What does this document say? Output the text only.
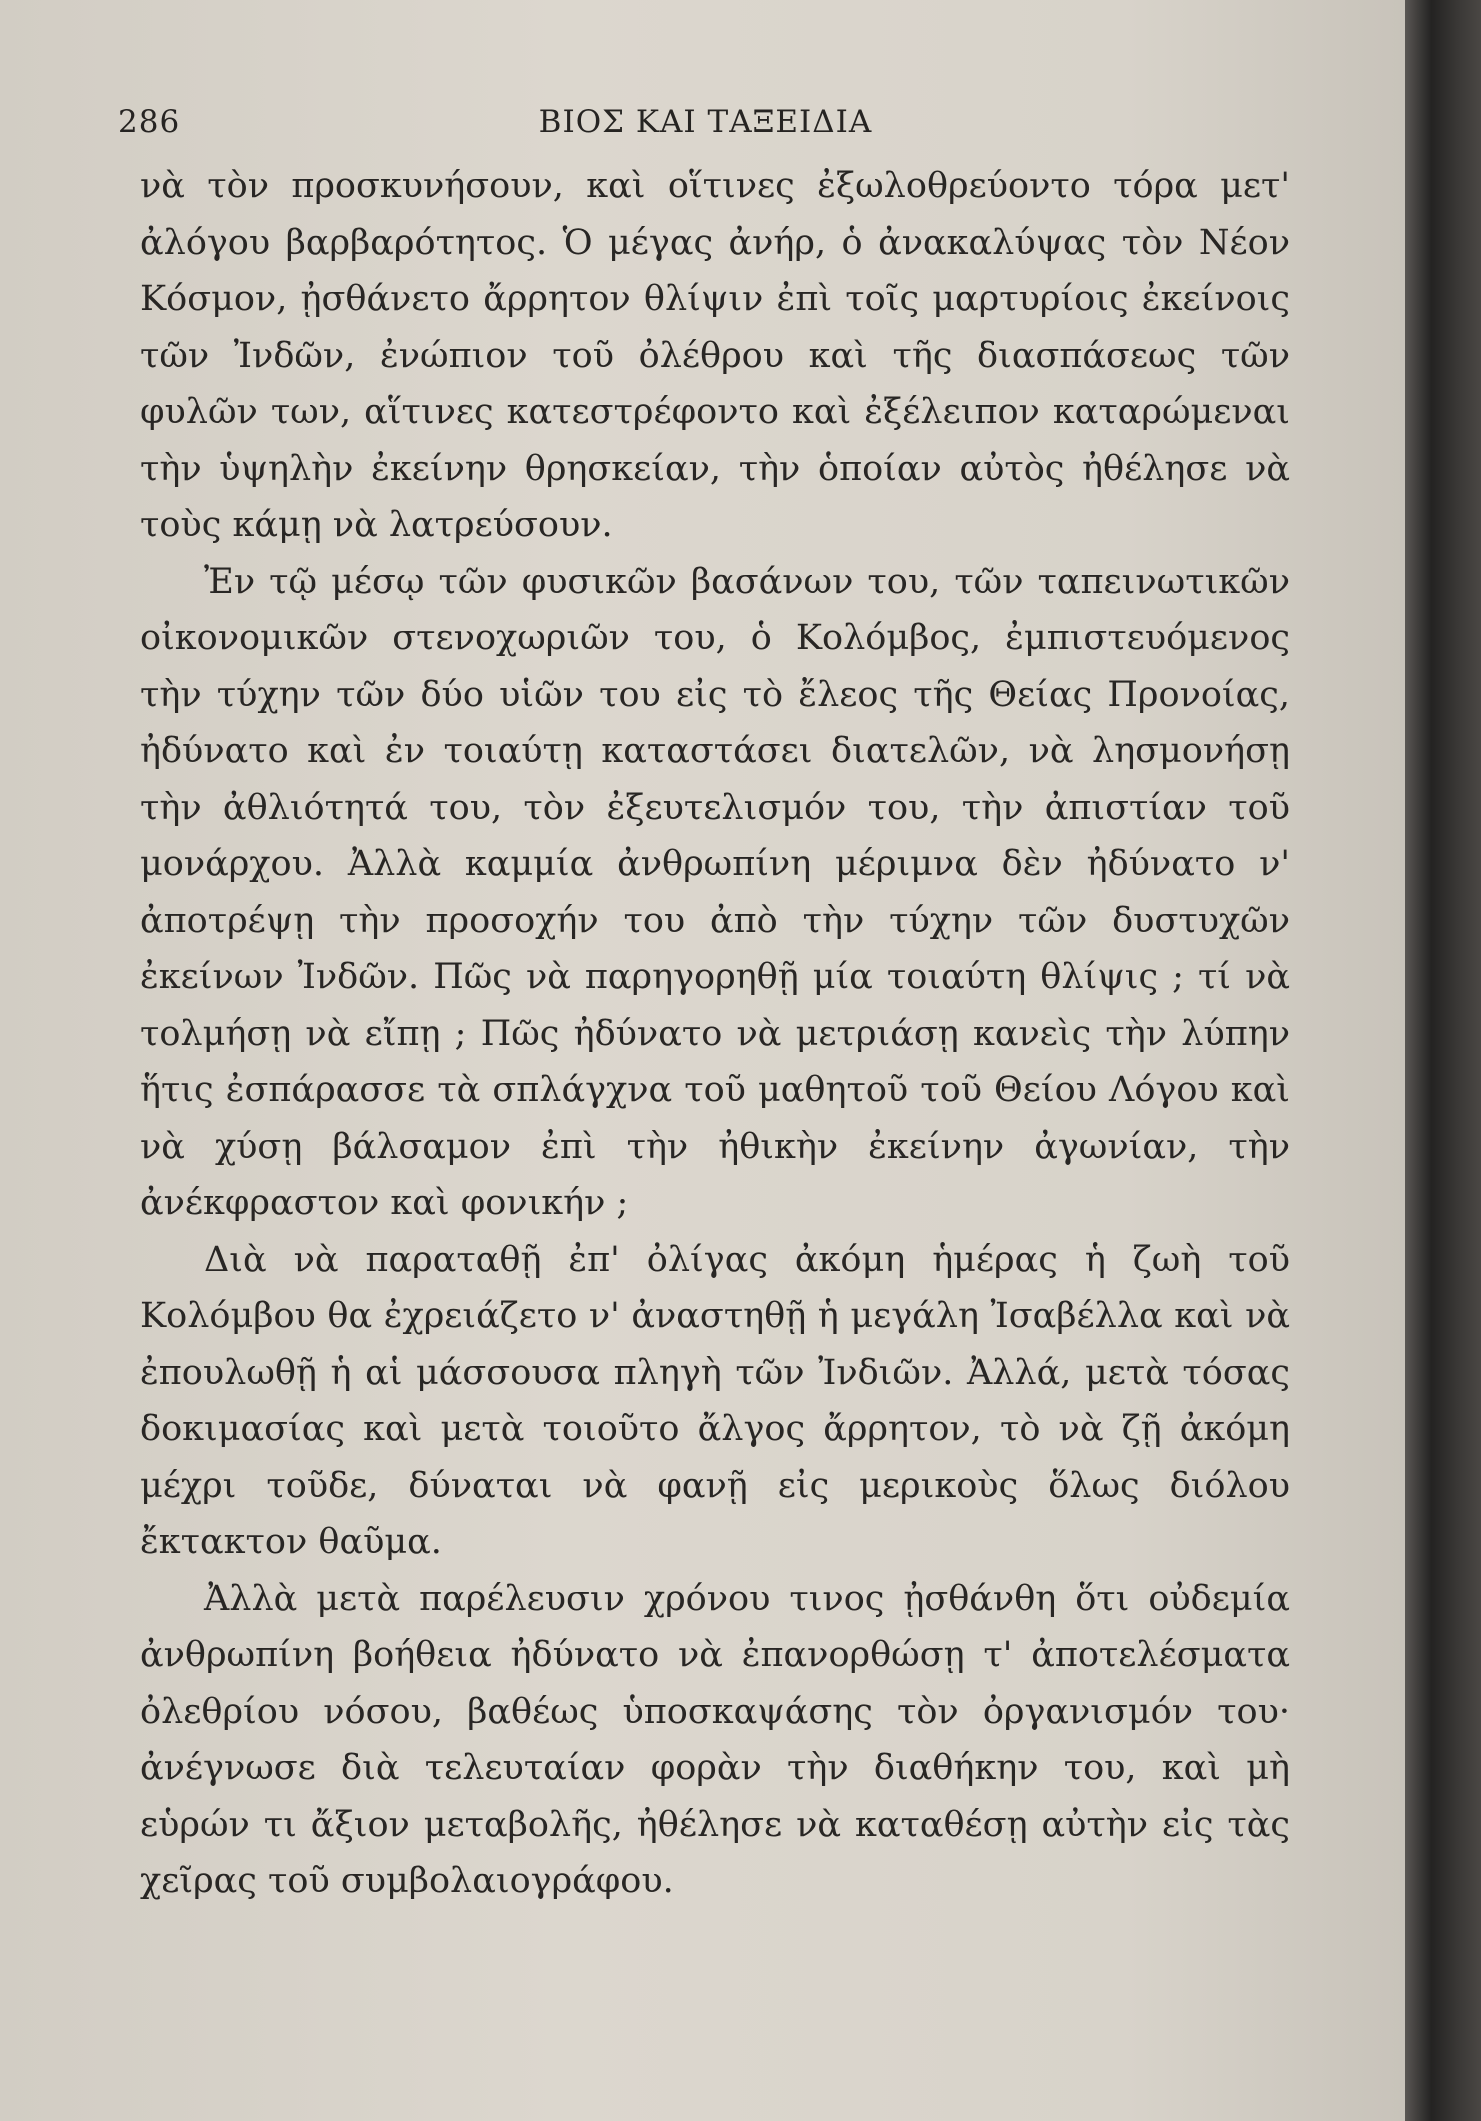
286	ΒΙΟΣ ΚΑΙ ΤΑΞΕΙΔΙΑ

νὰ τὸν προσκυνήσουν, καὶ οἵτινες ἐξωλοθρεύοντο τόρα μετ' ἀλόγου βαρβαρότητος. Ὁ μέγας ἀνήρ, ὁ ἀνακαλύψας τὸν Νέον Κόσμον, ᾐσθάνετο ἄρρητον θλίψιν ἐπὶ τοῖς μαρτυρίοις ἐκείνοις τῶν Ἰνδῶν, ἐνώπιον τοῦ ὀλέθρου καὶ τῆς διασπάσεως τῶν φυλῶν των, αἵτινες κατεστρέφοντο καὶ ἐξέλειπον καταρώμεναι τὴν ὑψηλὴν ἐκείνην θρησκείαν, τὴν ὁποίαν αὐτὸς ἠθέλησε νὰ τοὺς κάμῃ νὰ λατρεύσουν.

Ἐν τῷ μέσῳ τῶν φυσικῶν βασάνων του, τῶν ταπεινωτικῶν οἰκονομικῶν στενοχωριῶν του, ὁ Κολόμβος, ἐμπιστευόμενος τὴν τύχην τῶν δύο υἱῶν του εἰς τὸ ἔλεος τῆς Θείας Προνοίας, ἠδύνατο καὶ ἐν τοιαύτῃ καταστάσει διατελῶν, νὰ λησμονήσῃ τὴν ἀθλιότητά του, τὸν ἐξευτελισμόν του, τὴν ἀπιστίαν τοῦ μονάρχου. Ἀλλὰ καμμία ἀνθρωπίνη μέριμνα δὲν ἠδύνατο ν' ἀποτρέψῃ τὴν προσοχήν του ἀπὸ τὴν τύχην τῶν δυστυχῶν ἐκείνων Ἰνδῶν. Πῶς νὰ παρηγορηθῇ μία τοιαύτη θλίψις ; τί νὰ τολμήσῃ νὰ εἴπῃ ; Πῶς ἠδύνατο νὰ μετριάσῃ κανεὶς τὴν λύπην ἥτις ἐσπάρασσε τὰ σπλάγχνα τοῦ μαθητοῦ τοῦ Θείου Λόγου καὶ νὰ χύσῃ βάλσαμον ἐπὶ τὴν ἠθικὴν ἐκείνην ἀγωνίαν, τὴν ἀνέκφραστον καὶ φονικήν ;

Διὰ νὰ παραταθῇ ἐπ' ὀλίγας ἀκόμη ἡμέρας ἡ ζωὴ τοῦ Κολόμβου θα ἐχρειάζετο ν' ἀναστηθῇ ἡ μεγάλη Ἰσαβέλλα καὶ νὰ ἐπουλωθῇ ἡ αἱ μάσσουσα πληγὴ τῶν Ἰνδιῶν. Ἀλλά, μετὰ τόσας δοκιμασίας καὶ μετὰ τοιοῦτο ἄλγος ἄρρητον, τὸ νὰ ζῇ ἀκόμη μέχρι τοῦδε, δύναται νὰ φανῇ εἰς μερικοὺς ὅλως διόλου ἔκτακτον θαῦμα.

Ἀλλὰ μετὰ παρέλευσιν χρόνου τινος ᾐσθάνθη ὅτι οὐδεμία ἀνθρωπίνη βοήθεια ἠδύνατο νὰ ἐπανορθώσῃ τ' ἀποτελέσματα ὀλεθρίου νόσου, βαθέως ὑποσκαψάσης τὸν ὀργανισμόν του· ἀνέγνωσε διὰ τελευταίαν φορὰν τὴν διαθήκην του, καὶ μὴ εὑρών τι ἄξιον μεταβολῆς, ἠθέλησε νὰ καταθέσῃ αὐτὴν εἰς τὰς χεῖρας τοῦ συμβολαιογράφου.
